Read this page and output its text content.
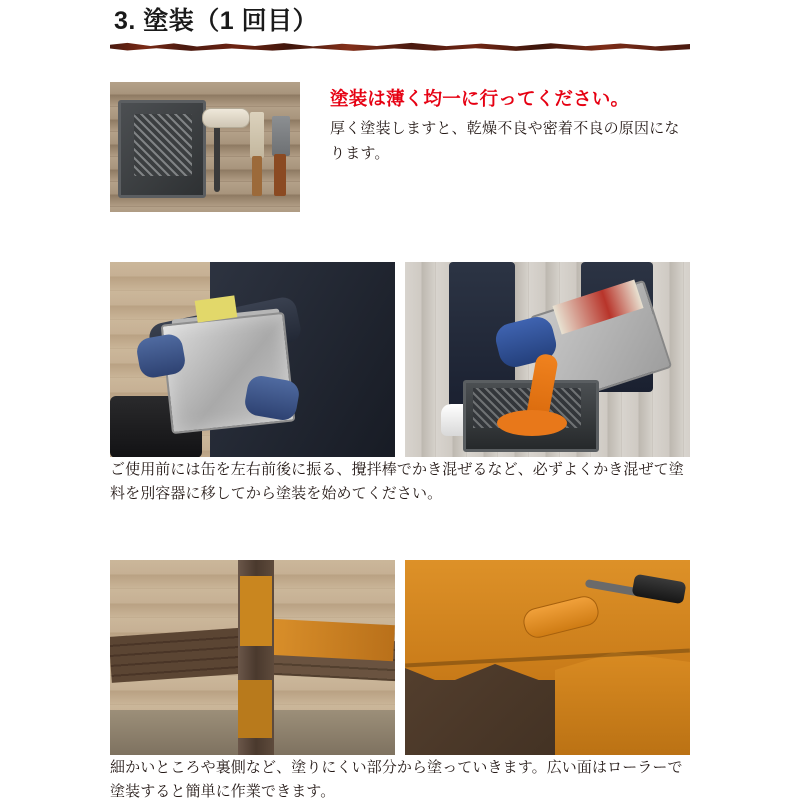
3. 塗装（1 回目）
塗装は薄く均一に行ってください。
厚く塗装しますと、乾燥不良や密着不良の原因になります。
ご使用前には缶を左右前後に振る、攪拌棒でかき混ぜるなど、必ずよくかき混ぜて塗料を別容器に移してから塗装を始めてください。
細かいところや裏側など、塗りにくい部分から塗っていきます。広い面はローラーで塗装すると簡単に作業できます。
